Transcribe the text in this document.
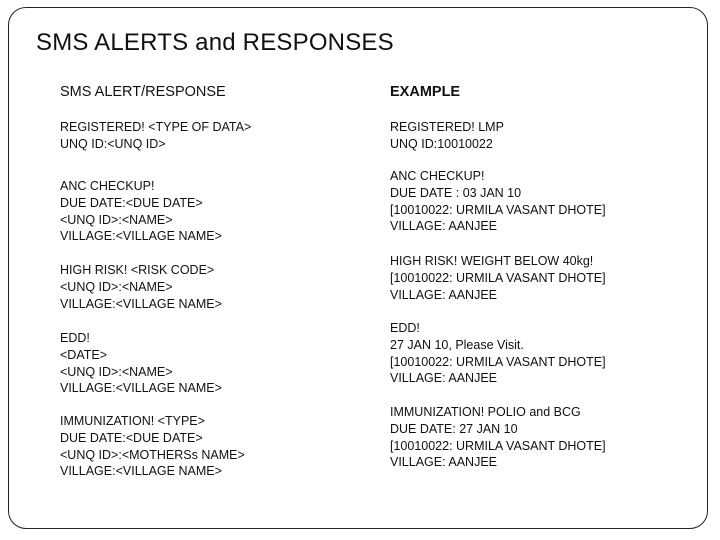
SMS ALERTS and RESPONSES
SMS ALERT/RESPONSE	EXAMPLE
REGISTERED! <TYPE OF DATA>
UNQ ID:<UNQ ID>
REGISTERED! LMP
UNQ ID:10010022
ANC CHECKUP!
DUE DATE:<DUE DATE>
<UNQ ID>:<NAME>
VILLAGE:<VILLAGE NAME>
ANC CHECKUP!
DUE DATE : 03 JAN 10
[10010022: URMILA VASANT DHOTE]
VILLAGE: AANJEE
HIGH RISK! <RISK CODE>
<UNQ ID>:<NAME>
VILLAGE:<VILLAGE NAME>
HIGH RISK! WEIGHT BELOW 40kg!
[10010022: URMILA VASANT DHOTE]
VILLAGE: AANJEE
EDD!
<DATE>
<UNQ ID>:<NAME>
VILLAGE:<VILLAGE NAME>
EDD!
27 JAN 10, Please Visit.
[10010022: URMILA VASANT DHOTE]
VILLAGE: AANJEE
IMMUNIZATION! <TYPE>
DUE DATE:<DUE DATE>
<UNQ ID>:<MOTHERSs NAME>
VILLAGE:<VILLAGE NAME>
IMMUNIZATION! POLIO and BCG
DUE DATE: 27 JAN 10
[10010022: URMILA VASANT DHOTE]
VILLAGE: AANJEE
